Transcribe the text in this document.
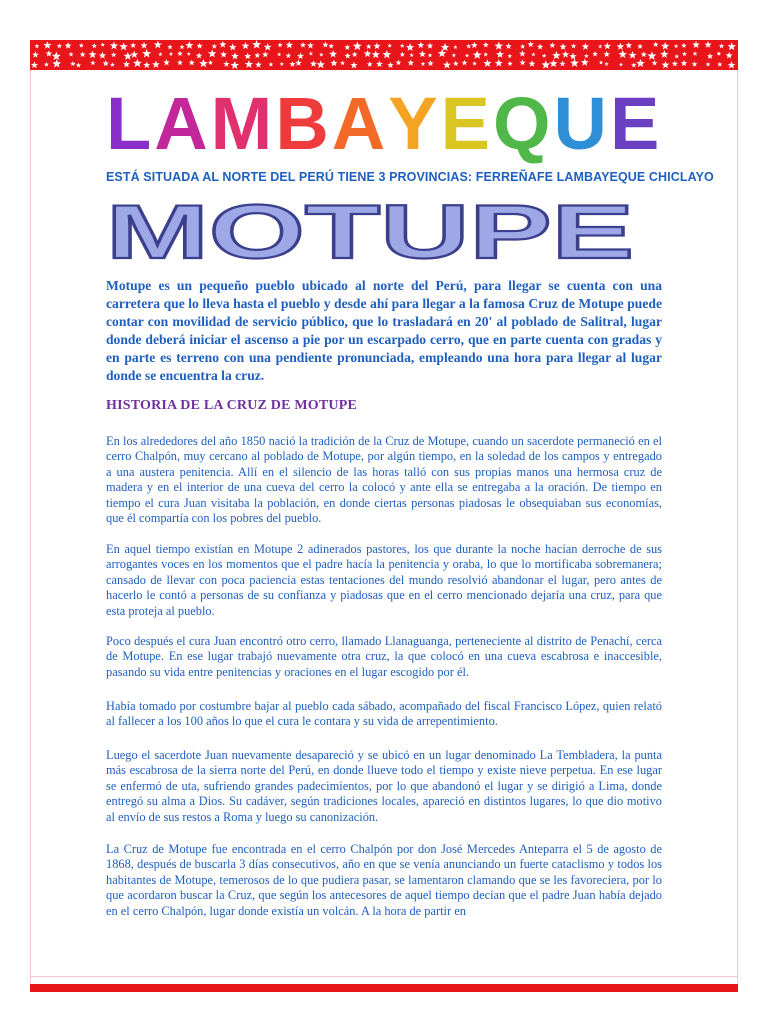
LAMBAYEQUE
ESTÁ SITUADA AL NORTE DEL PERÚ TIENE 3 PROVINCIAS: FERREÑAFE LAMBAYEQUE CHICLAYO
MOTUPE

Motupe es un pequeño pueblo ubicado al norte del Perú, para llegar se cuenta con una carretera que lo lleva hasta el pueblo y desde ahí para llegar a la famosa Cruz de Motupe puede contar con movilidad de servicio público, que lo trasladará en 20' al poblado de Salitral, lugar donde deberá iniciar el ascenso a pie por un escarpado cerro, que en parte cuenta con gradas y en parte es terreno con una pendiente pronunciada, empleando una hora para llegar al lugar donde se encuentra la cruz.

HISTORIA DE LA CRUZ DE MOTUPE

En los alrededores del año 1850 nació la tradición de la Cruz de Motupe, cuando un sacerdote permaneció en el cerro Chalpón, muy cercano al poblado de Motupe, por algún tiempo, en la soledad de los campos y entregado a una austera penitencia. Allí en el silencio de las horas talló con sus propias manos una hermosa cruz de madera y en el interior de una cueva del cerro la colocó y ante ella se entregaba a la oración. De tiempo en tiempo el cura Juan visitaba la población, en donde ciertas personas piadosas le obsequiaban sus economías, que él compartía con los pobres del pueblo.

En aquel tiempo existían en Motupe 2 adinerados pastores, los que durante la noche hacían derroche de sus arrogantes voces en los momentos que el padre hacía la penitencia y oraba, lo que lo mortificaba sobremanera; cansado de llevar con poca paciencia estas tentaciones del mundo resolvió abandonar el lugar, pero antes de hacerlo le contó a personas de su confianza y piadosas que en el cerro mencionado dejaría una cruz, para que esta proteja al pueblo.

Poco después el cura Juan encontró otro cerro, llamado Llanaguanga, perteneciente al distrito de Penachí, cerca de Motupe. En ese lugar trabajó nuevamente otra cruz, la que colocó en una cueva escabrosa e inaccesible, pasando su vida entre penitencias y oraciones en el lugar escogido por él.

Había tomado por costumbre bajar al pueblo cada sábado, acompañado del fiscal Francisco López, quien relató al fallecer a los 100 años lo que el cura le contara y su vida de arrepentimiento.

Luego el sacerdote Juan nuevamente desapareció y se ubicó en un lugar denominado La Tembladera, la punta más escabrosa de la sierra norte del Perú, en donde llueve todo el tiempo y existe nieve perpetua. En ese lugar se enfermó de uta, sufriendo grandes padecimientos, por lo que abandonó el lugar y se dirigió a Lima, donde entregó su alma a Dios. Su cadáver, según tradiciones locales, apareció en distintos lugares, lo que dio motivo al envío de sus restos a Roma y luego su canonización.

La Cruz de Motupe fue encontrada en el cerro Chalpón por don José Mercedes Anteparra el 5 de agosto de 1868, después de buscarla 3 días consecutivos, año en que se venía anunciando un fuerte cataclismo y todos los habitantes de Motupe, temerosos de lo que pudiera pasar, se lamentaron clamando que se les favoreciera, por lo que acordaron buscar la Cruz, que según los antecesores de aquel tiempo decían que el padre Juan había dejado en el cerro Chalpón, lugar donde existía un volcán. A la hora de partir en
